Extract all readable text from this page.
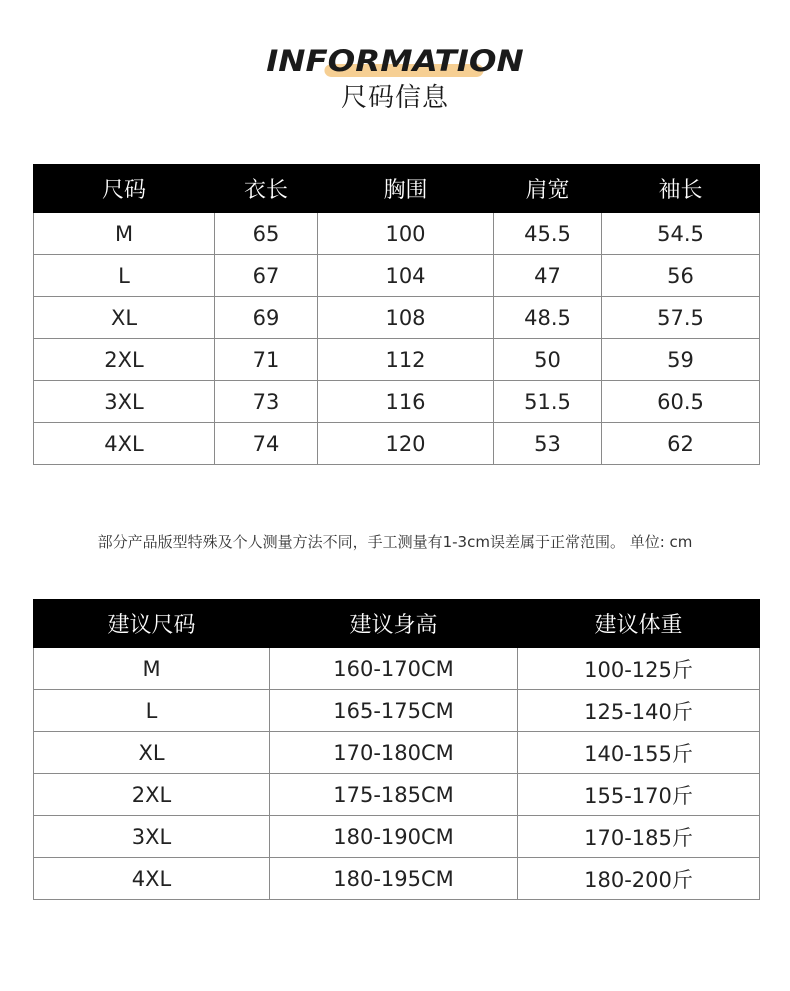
INFORMATION
尺码信息
尺码	衣长	胸围	肩宽	袖长
M	65	100	45.5	54.5
L	67	104	47	56
XL	69	108	48.5	57.5
2XL	71	112	50	59
3XL	73	116	51.5	60.5
4XL	74	120	53	62
部分产品版型特殊及个人测量方法不同，手工测量有1-3cm误差属于正常范围。 单位: cm
建议尺码	建议身高	建议体重
M	160-170CM	100-125斤
L	165-175CM	125-140斤
XL	170-180CM	140-155斤
2XL	175-185CM	155-170斤
3XL	180-190CM	170-185斤
4XL	180-195CM	180-200斤
